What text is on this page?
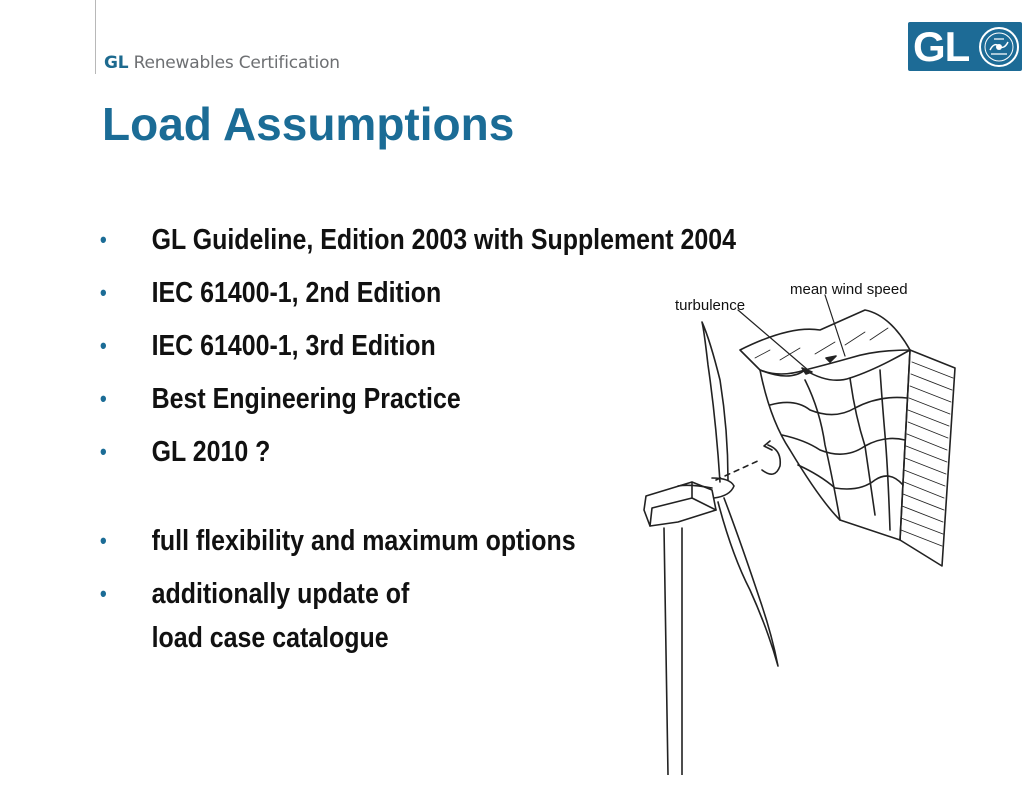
GL Renewables Certification	GL
Load Assumptions
• GL Guideline, Edition 2003 with Supplement 2004
• IEC 61400-1, 2nd Edition
• IEC 61400-1, 3rd Edition
• Best Engineering Practice
• GL 2010 ?
• full flexibility and maximum options
• additionally update of
load case catalogue
turbulence
mean wind speed
